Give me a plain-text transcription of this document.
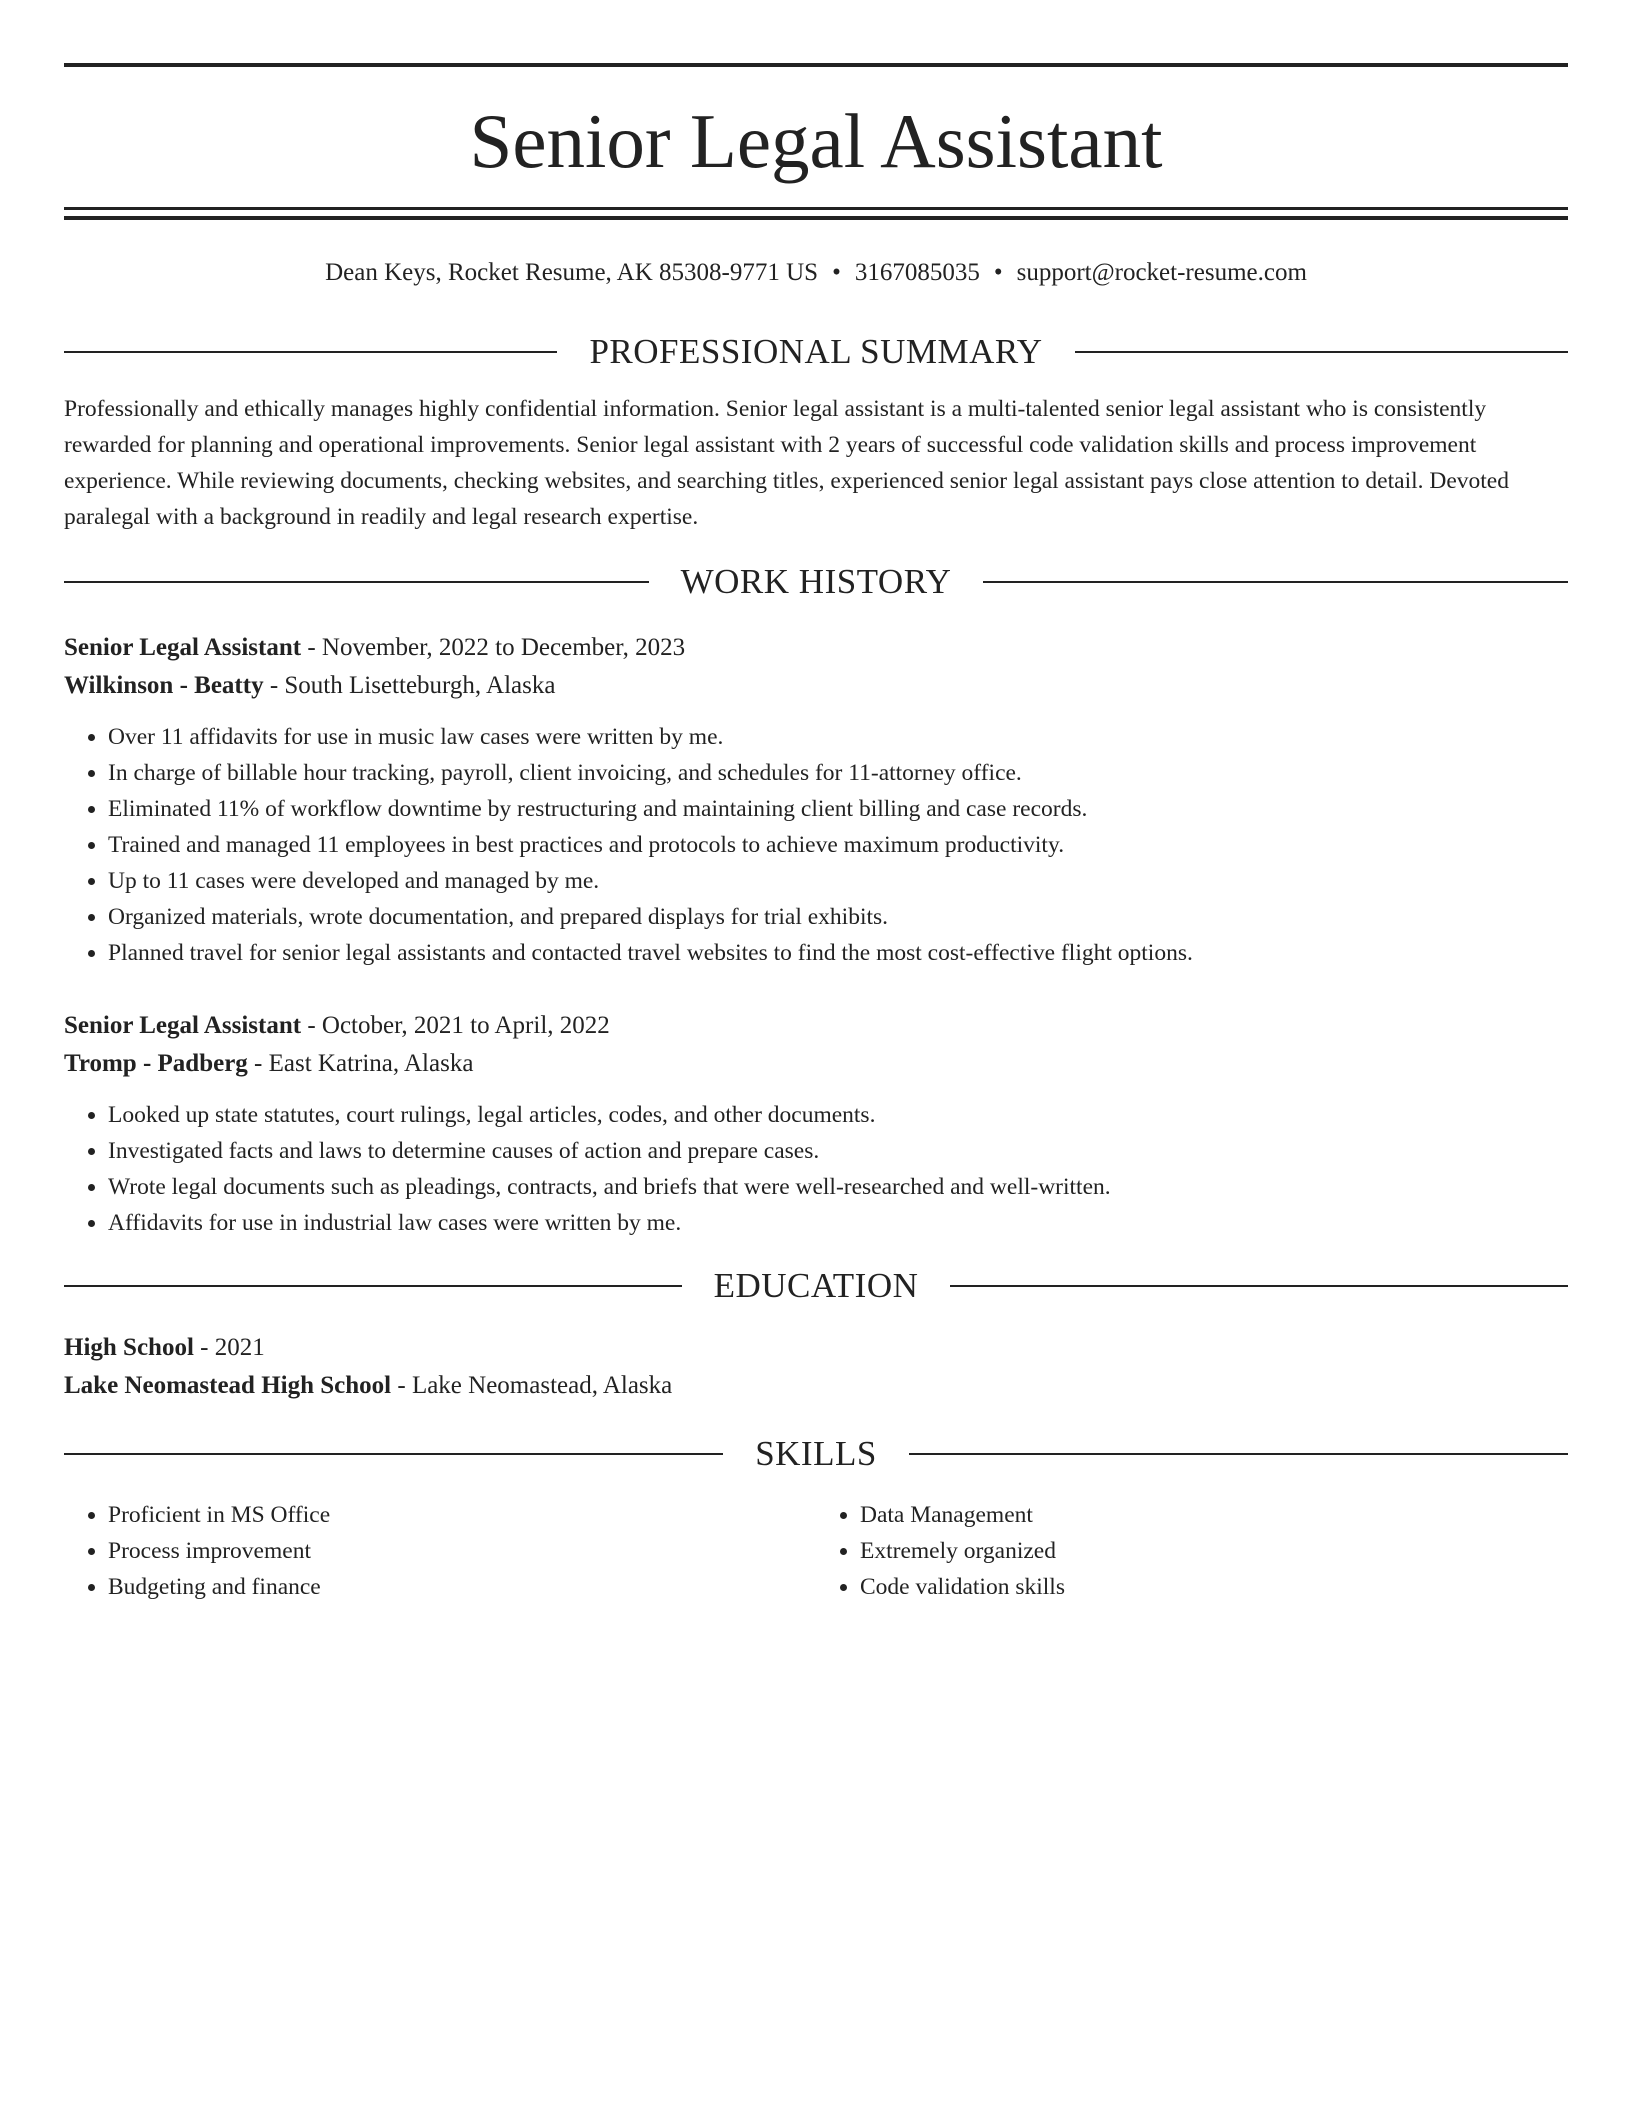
Senior Legal Assistant
Dean Keys, Rocket Resume, AK 85308-9771 US • 3167085035 • support@rocket-resume.com
PROFESSIONAL SUMMARY

Professionally and ethically manages highly confidential information. Senior legal assistant is a multi-talented senior legal assistant who is consistently rewarded for planning and operational improvements. Senior legal assistant with 2 years of successful code validation skills and process improvement experience. While reviewing documents, checking websites, and searching titles, experienced senior legal assistant pays close attention to detail. Devoted paralegal with a background in readily and legal research expertise.

WORK HISTORY
Senior Legal Assistant - November, 2022 to December, 2023
Wilkinson - Beatty - South Lisetteburgh, Alaska
• Over 11 affidavits for use in music law cases were written by me.
• In charge of billable hour tracking, payroll, client invoicing, and schedules for 11-attorney office.
• Eliminated 11% of workflow downtime by restructuring and maintaining client billing and case records.
• Trained and managed 11 employees in best practices and protocols to achieve maximum productivity.
• Up to 11 cases were developed and managed by me.
• Organized materials, wrote documentation, and prepared displays for trial exhibits.
• Planned travel for senior legal assistants and contacted travel websites to find the most cost-effective flight options.
Senior Legal Assistant - October, 2021 to April, 2022
Tromp - Padberg - East Katrina, Alaska
• Looked up state statutes, court rulings, legal articles, codes, and other documents.
• Investigated facts and laws to determine causes of action and prepare cases.
• Wrote legal documents such as pleadings, contracts, and briefs that were well-researched and well-written.
• Affidavits for use in industrial law cases were written by me.
EDUCATION
High School - 2021
Lake Neomastead High School - Lake Neomastead, Alaska
SKILLS
• Proficient in MS Office
• Process improvement
• Budgeting and finance
• Data Management
• Extremely organized
• Code validation skills
